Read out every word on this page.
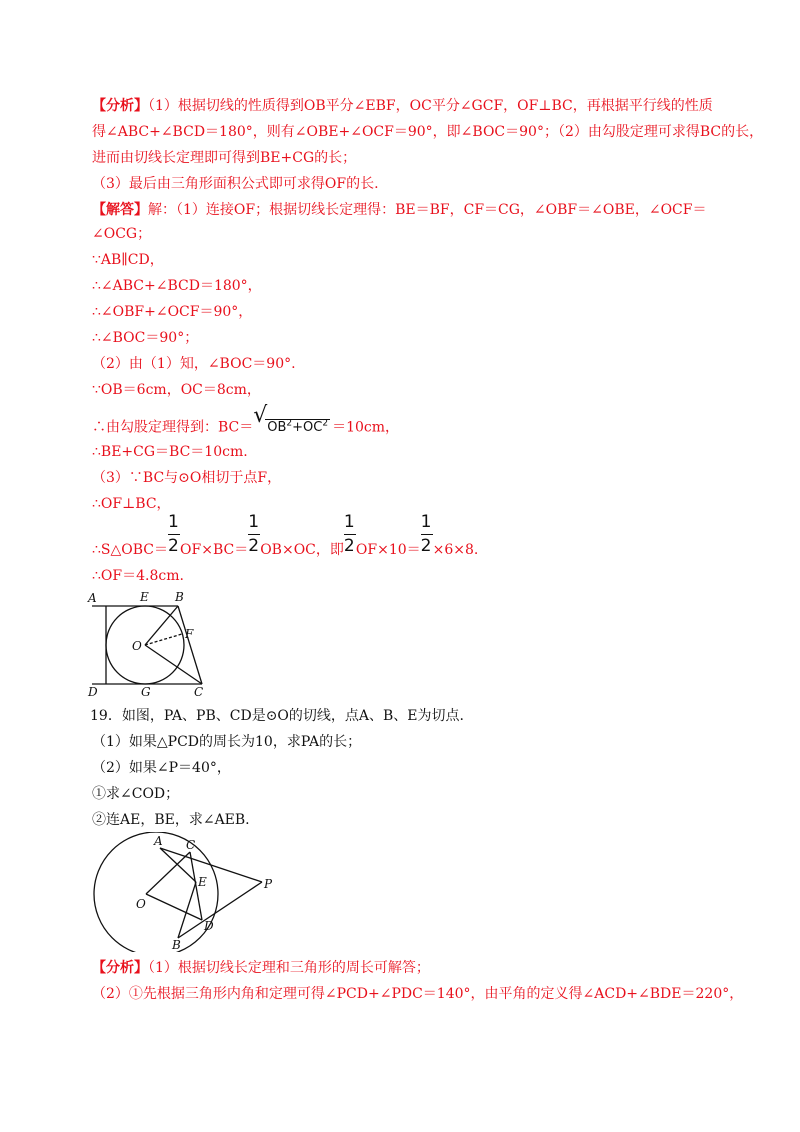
【分析】（1）根据切线的性质得到OB平分∠EBF，OC平分∠GCF，OF⊥BC，再根据平行线的性质
得∠ABC+∠BCD＝180°，则有∠OBE+∠OCF＝90°，即∠BOC＝90°；（2）由勾股定理可求得BC的长，
进而由切线长定理即可得到BE+CG的长；
（3）最后由三角形面积公式即可求得OF的长.
【解答】解：（1）连接OF；根据切线长定理得：BE＝BF，CF＝CG，∠OBF＝∠OBE，∠OCF＝
∠OCG；
∵AB∥CD，
∴∠ABC+∠BCD＝180°，
∴∠OBF+∠OCF＝90°，
∴∠BOC＝90°；
（2）由（1）知，∠BOC＝90°.
∵OB＝6cm，OC＝8cm，
∴由勾股定理得到：BC＝√ $OB^2+OC^2 =10cm$，
∴BE+CG＝BC＝10cm.
（3）∵BC与⊙O相切于点F，
∴OF⊥BC，
∴S△OBC＝ $\frac{1}{2} OF\times BC= \frac{1}{2} OB\times OC$，即 $\frac{1}{2} OF\times 10= \frac{1}{2} \times 6\times 8$.
∴OF＝4.8cm.
A	E B
F
O
D	G	C
19．如图，PA、PB、CD是⊙O的切线，点A、B、E为切点.
（1）如果△PCD的周长为10，求PA的长；
（2）如果∠P＝40°，
①求∠COD；
②连AE，BE，求∠AEB.
A C
E	P
O
D
B
【分析】（1）根据切线长定理和三角形的周长可解答；
（2）①先根据三角形内角和定理可得∠PCD+∠PDC＝140°，由平角的定义得∠ACD+∠BDE＝220°，
